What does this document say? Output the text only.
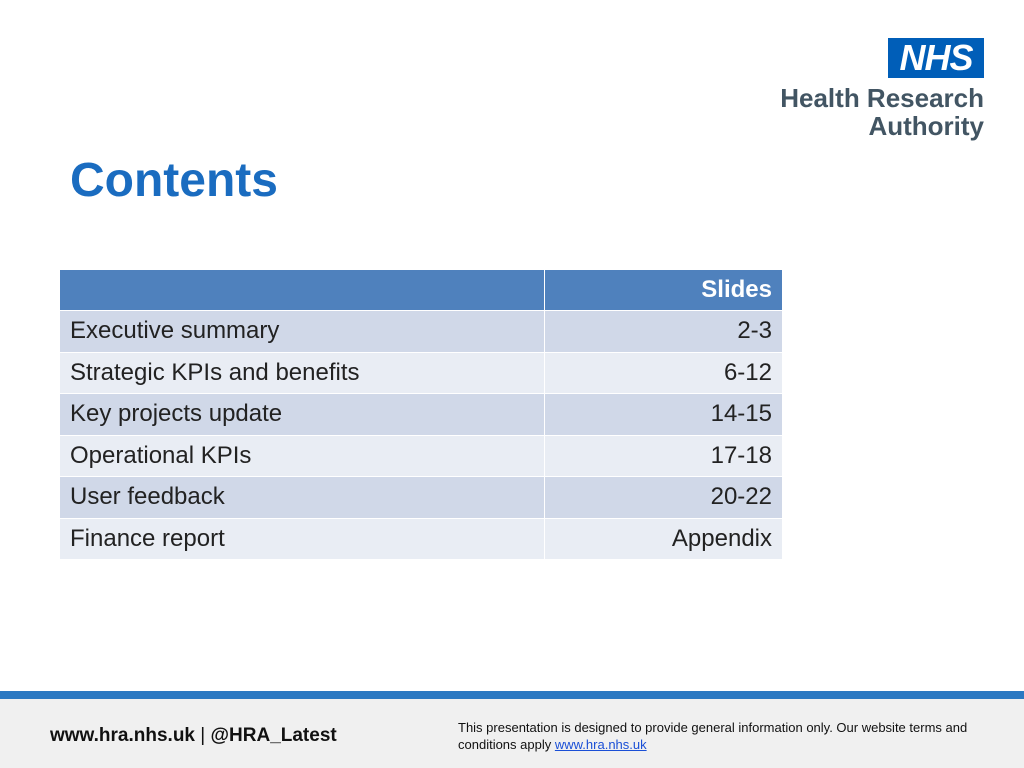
NHS
Health Research
Authority
Contents
	Slides
Executive summary	2-3
Strategic KPIs and benefits	6-12
Key projects update	14-15
Operational KPIs	17-18
User feedback	20-22
Finance report	Appendix
www.hra.nhs.uk | @HRA_Latest	This presentation is designed to provide general information only. Our website terms and conditions apply www.hra.nhs.uk
